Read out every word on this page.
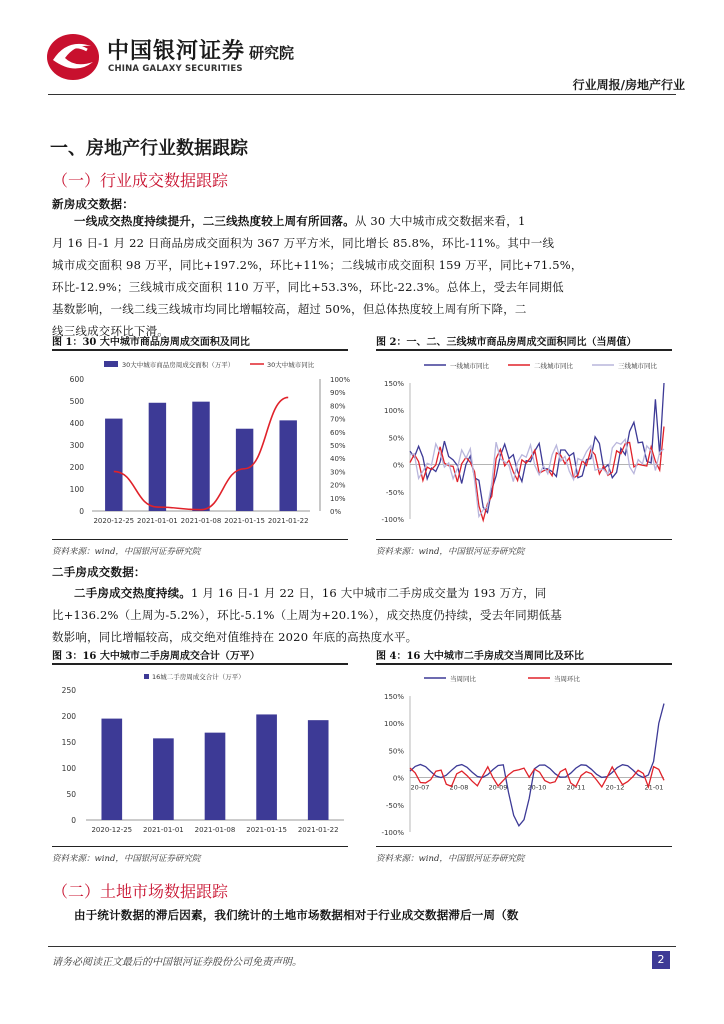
中国银河证券 研究院
CHINA GALAXY SECURITIES
行业周报/房地产行业
一、房地产行业数据跟踪
（一）行业成交数据跟踪
新房成交数据：
一线成交热度持续提升，二三线热度较上周有所回落。从 30 大中城市成交数据来看，1
月 16 日-1 月 22 日商品房成交面积为 367 万平方米，同比增长 85.8%，环比-11%。其中一线
城市成交面积 98 万平，同比+197.2%，环比+11%；二线城市成交面积 159 万平，同比+71.5%，
环比-12.9%；三线城市成交面积 110 万平，同比+53.3%，环比-22.3%。总体上，受去年同期低
基数影响，一线二线三线城市均同比增幅较高，超过 50%，但总体热度较上周有所下降，二
线三线成交环比下滑。
图 1：30 大中城市商品房周成交面积及同比
0
100
200
300
400
500
600
0%
10%
20%
30%
40%
50%
60%
70%
80%
90%
100%
2020-12-25 2021-01-01 2021-01-08 2021-01-15 2021-01-22
30大中城市商品房周成交面积（万平）	30大中城市同比
资料来源：wind，中国银河证券研究院
图 2：一、二、三线城市商品房周成交面积同比（当周值）
-100%
-50%
0%
50%
100%
150%
一线城市同比	二线城市同比	三线城市同比
资料来源：wind，中国银河证券研究院
二手房成交数据：
二手房成交热度持续。1 月 16 日-1 月 22 日，16 大中城市二手房成交量为 193 万方，同
比+136.2%（上周为-5.2%），环比-5.1%（上周为+20.1%），成交热度仍持续，受去年同期低基
数影响，同比增幅较高，成交绝对值维持在 2020 年底的高热度水平。
图 3：16 大中城市二手房周成交合计（万平）
0
50
100
150
200
250
2020-12-25 2021-01-01 2021-01-08 2021-01-15 2021-01-22
16城二手房周成交合计（万平）
资料来源：wind，中国银河证券研究院
图 4：16 大中城市二手房成交当周同比及环比
-100%
-50%
0%
50%
100%
150%
20-07	20-08	20-09	20-10	20-11	20-12	21-01
当周同比	当周环比
资料来源：wind，中国银河证券研究院
（二）土地市场数据跟踪
由于统计数据的滞后因素，我们统计的土地市场数据相对于行业成交数据滞后一周（数
请务必阅读正文最后的中国银河证券股份公司免责声明。	2
